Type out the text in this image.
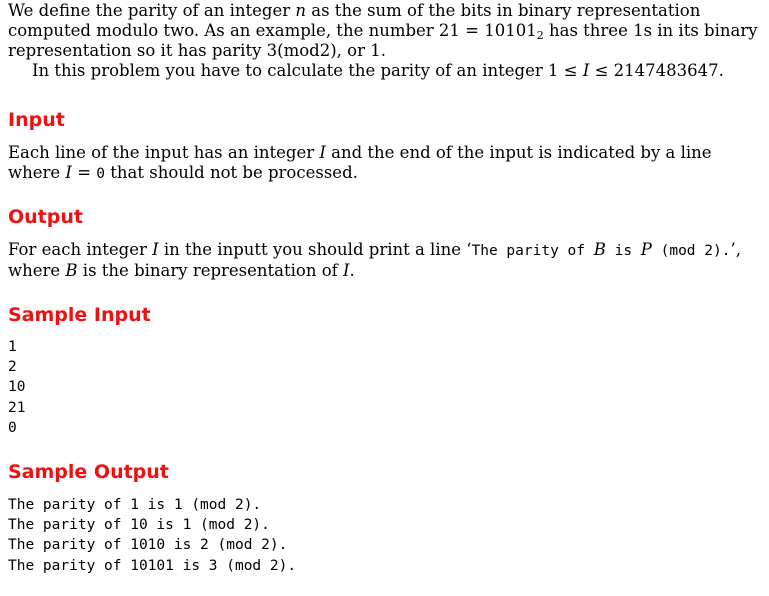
We define the parity of an integer n as the sum of the bits in binary representation computed modulo two. As an example, the number $21 = 10101_2$ has three 1s in its binary representation so it has parity 3(mod2), or 1.

In this problem you have to calculate the parity of an integer 1 ≤ I ≤ 2147483647.

Input

Each line of the input has an integer I and the end of the input is indicated by a line where I = 0 that should not be processed.

Output

For each integer I in the inputt you should print a line ‘The parity of B is P (mod 2).’, where B is the binary representation of I.

Sample Input
1
2
10
21
0
Sample Output
The parity of 1 is 1 (mod 2).
The parity of 10 is 1 (mod 2).
The parity of 1010 is 2 (mod 2).
The parity of 10101 is 3 (mod 2).
